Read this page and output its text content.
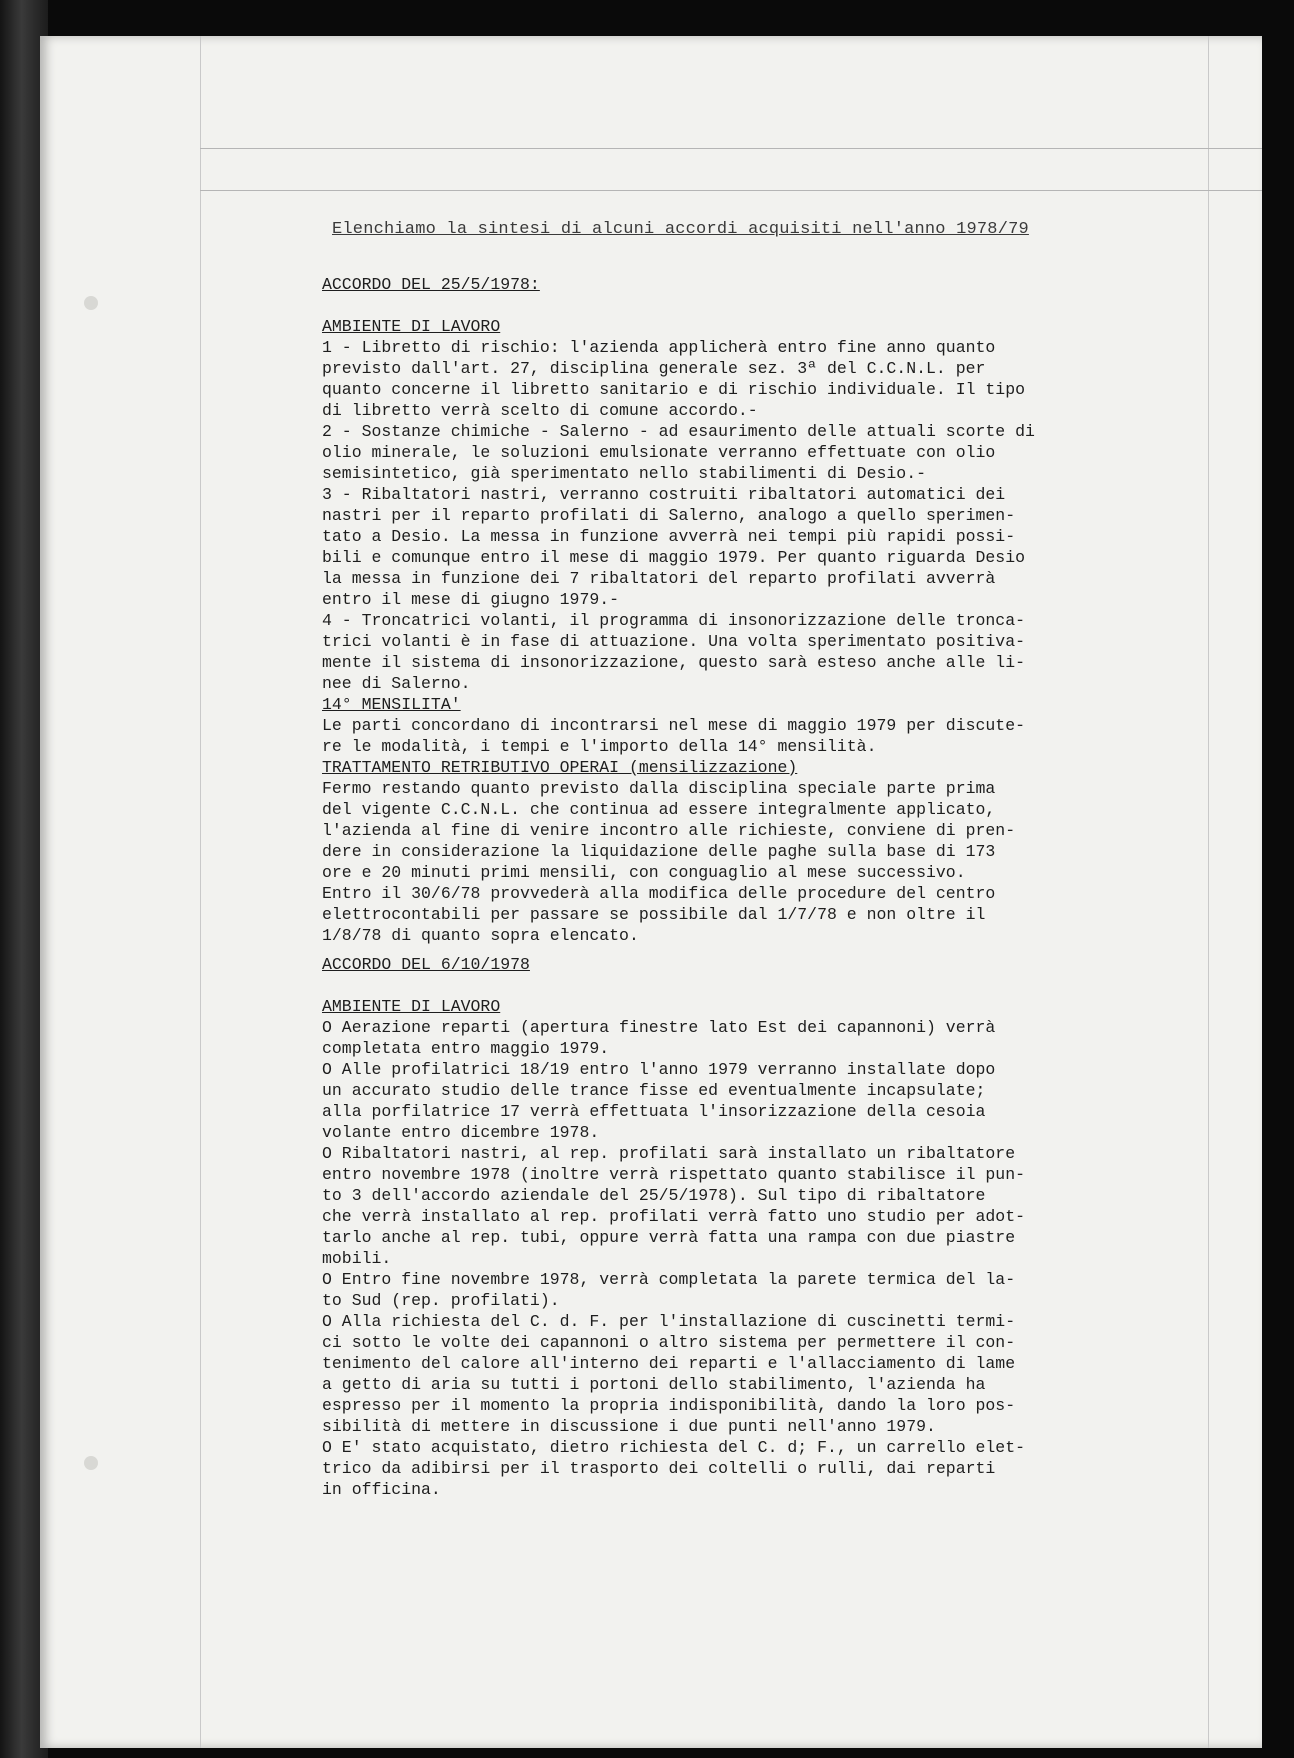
Elenchiamo la sintesi di alcuni accordi acquisiti nell'anno 1978/79

ACCORDO DEL 25/5/1978:

AMBIENTE DI LAVORO

1 - Libretto di rischio: l'azienda applicherà entro fine anno quanto

previsto dall'art. 27, disciplina generale sez. 3ª del C.C.N.L. per

quanto concerne il libretto sanitario e di rischio individuale. Il tipo

di libretto verrà scelto di comune accordo.-

2 - Sostanze chimiche - Salerno - ad esaurimento delle attuali scorte di

olio minerale, le soluzioni emulsionate verranno effettuate con olio

semisintetico, già sperimentato nello stabilimenti di Desio.-

3 - Ribaltatori nastri, verranno costruiti ribaltatori automatici dei

nastri per il reparto profilati di Salerno, analogo a quello sperimen-

tato a Desio. La messa in funzione avverrà nei tempi più rapidi possi-

bili e comunque entro il mese di maggio 1979. Per quanto riguarda Desio

la messa in funzione dei 7 ribaltatori del reparto profilati avverrà

entro il mese di giugno 1979.-

4 - Troncatrici volanti, il programma di insonorizzazione delle tronca-

trici volanti è in fase di attuazione. Una volta sperimentato positiva-

mente il sistema di insonorizzazione, questo sarà esteso anche alle li-

nee di Salerno.

14° MENSILITA'

Le parti concordano di incontrarsi nel mese di maggio 1979 per discute-

re le modalità, i tempi e l'importo della 14° mensilità.

TRATTAMENTO RETRIBUTIVO OPERAI (mensilizzazione)

Fermo restando quanto previsto dalla disciplina speciale parte prima

del vigente C.C.N.L. che continua ad essere integralmente applicato,

l'azienda al fine di venire incontro alle richieste, conviene di pren-

dere in considerazione la liquidazione delle paghe sulla base di 173

ore e 20 minuti primi mensili, con conguaglio al mese successivo.

Entro il 30/6/78 provvederà alla modifica delle procedure del centro

elettrocontabili per passare se possibile dal 1/7/78 e non oltre il

1/8/78 di quanto sopra elencato.

ACCORDO DEL 6/10/1978

AMBIENTE DI LAVORO

O Aerazione reparti (apertura finestre lato Est dei capannoni) verrà

completata entro maggio 1979.

O Alle profilatrici 18/19 entro l'anno 1979 verranno installate dopo

un accurato studio delle trance fisse ed eventualmente incapsulate;

alla porfilatrice 17 verrà effettuata l'insorizzazione della cesoia

volante entro dicembre 1978.

O Ribaltatori nastri, al rep. profilati sarà installato un ribaltatore

entro novembre 1978 (inoltre verrà rispettato quanto stabilisce il pun-

to 3 dell'accordo aziendale del 25/5/1978). Sul tipo di ribaltatore

che verrà installato al rep. profilati verrà fatto uno studio per adot-

tarlo anche al rep. tubi, oppure verrà fatta una rampa con due piastre

mobili.

O Entro fine novembre 1978, verrà completata la parete termica del la-

to Sud (rep. profilati).

O Alla richiesta del C. d. F. per l'installazione di cuscinetti termi-

ci sotto le volte dei capannoni o altro sistema per permettere il con-

tenimento del calore all'interno dei reparti e l'allacciamento di lame

a getto di aria su tutti i portoni dello stabilimento, l'azienda ha

espresso per il momento la propria indisponibilità, dando la loro pos-

sibilità di mettere in discussione i due punti nell'anno 1979.

O E' stato acquistato, dietro richiesta del C. d; F., un carrello elet-

trico da adibirsi per il trasporto dei coltelli o rulli, dai reparti

in officina.
